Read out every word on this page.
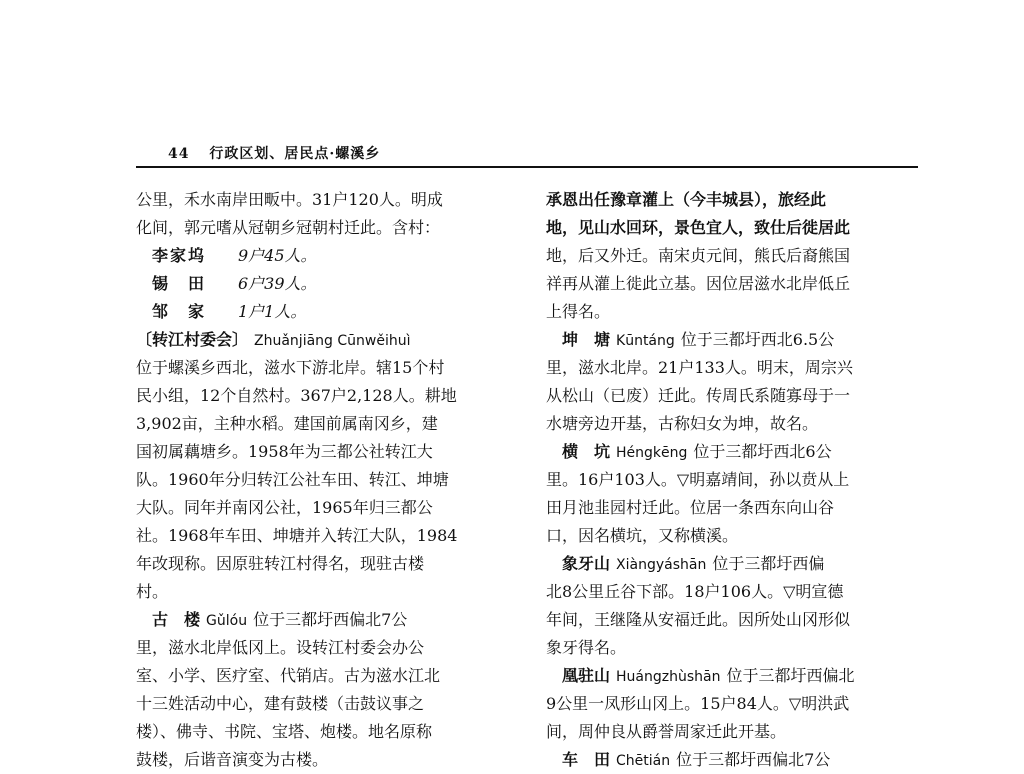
44 行政区划、居民点·螺溪乡
公里，禾水南岸田畈中。31户120人。明成
化间，郭元嗜从冠朝乡冠朝村迁此。含村：
李家坞 9户45人。
锡　田 6户39人。
邹　家 1户1人。
〔转江村委会〕 Zhuǎnjiāng Cūnwěihuì
位于螺溪乡西北，滋水下游北岸。辖15个村
民小组，12个自然村。367户2,128人。耕地
3,902亩，主种水稻。建国前属南冈乡，建
国初属藕塘乡。1958年为三都公社转江大
队。1960年分归转江公社车田、转江、坤塘
大队。同年并南冈公社，1965年归三都公
社。1968年车田、坤塘并入转江大队，1984
年改现称。因原驻转江村得名，现驻古楼
村。
古　楼 Gǔlóu 位于三都圩西偏北7公
里，滋水北岸低冈上。设转江村委会办公
室、小学、医疗室、代销店。古为滋水江北
十三姓活动中心，建有鼓楼（击鼓议事之
楼）、佛寺、书院、宝塔、炮楼。地名原称
鼓楼，后谐音演变为古楼。
承恩出任豫章灌上（今丰城县），旅经此
地，见山水回环，景色宜人，致仕后徙居此
地，后又外迁。南宋贞元间，熊氏后裔熊国
祥再从灌上徙此立基。因位居滋水北岸低丘
上得名。
坤　塘 Kūntáng 位于三都圩西北6.5公
里，滋水北岸。21户133人。明末，周宗兴
从松山（已废）迁此。传周氏系随寡母于一
水塘旁边开基，古称妇女为坤，故名。
横　坑 Héngkēng 位于三都圩西北6公
里。16户103人。▽明嘉靖间，孙以贲从上
田月池韭园村迁此。位居一条西东向山谷
口，因名横坑，又称横溪。
象牙山 Xiàngyáshān 位于三都圩西偏
北8公里丘谷下部。18户106人。▽明宣德
年间，王继隆从安福迁此。因所处山冈形似
象牙得名。
凰驻山 Huángzhùshān 位于三都圩西偏北
9公里一凤形山冈上。15户84人。▽明洪武
间，周仲良从爵誉周家迁此开基。
车　田 Chētián 位于三都圩西偏北7公
